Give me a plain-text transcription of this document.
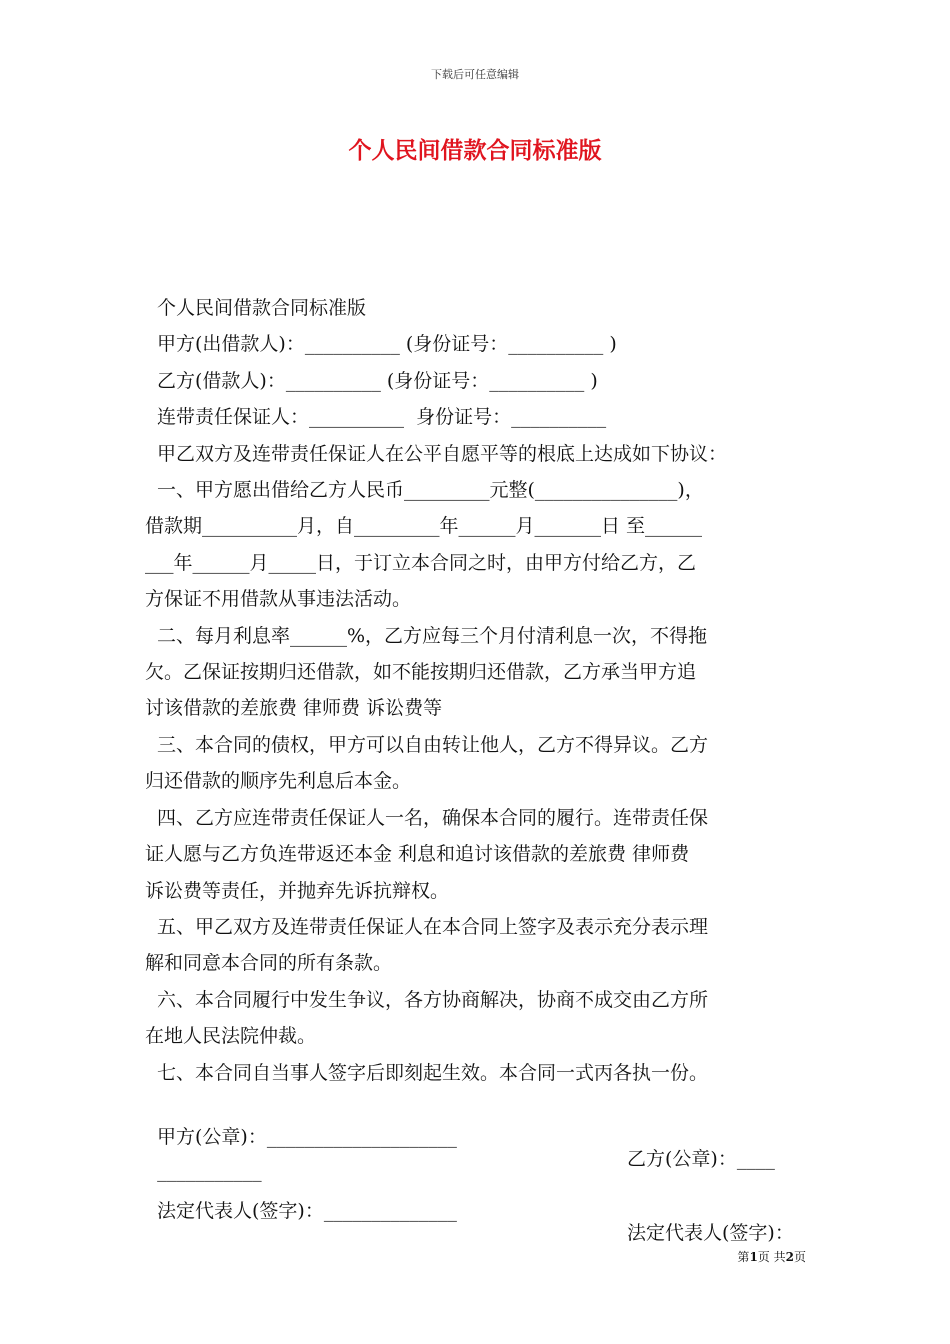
下载后可任意编辑
个人民间借款合同标准版

个人民间借款合同标准版

甲方(出借款人)：__________ (身份证号：__________ )

乙方(借款人)：__________ (身份证号：__________ )

连带责任保证人：__________  身份证号：__________

甲乙双方及连带责任保证人在公平自愿平等的根底上达成如下协议：

一、甲方愿出借给乙方人民币_________元整(_______________)，

借款期__________月，自_________年______月_______日 至______

___年______月_____日，于订立本合同之时，由甲方付给乙方，乙

方保证不用借款从事违法活动。

二、每月利息率______%，乙方应每三个月付清利息一次，不得拖

欠。乙保证按期归还借款，如不能按期归还借款，乙方承当甲方追

讨该借款的差旅费 律师费 诉讼费等

三、本合同的债权，甲方可以自由转让他人，乙方不得异议。乙方

归还借款的顺序先利息后本金。

四、乙方应连带责任保证人一名，确保本合同的履行。连带责任保

证人愿与乙方负连带返还本金 利息和追讨该借款的差旅费 律师费

诉讼费等责任，并抛弃先诉抗辩权。

五、甲乙双方及连带责任保证人在本合同上签字及表示充分表示理

解和同意本合同的所有条款。

六、本合同履行中发生争议，各方协商解决，协商不成交由乙方所

在地人民法院仲裁。

七、本合同自当事人签字后即刻起生效。本合同一式丙各执一份。

甲方(公章)：____________________

乙方(公章)：____

___________

法定代表人(签字)：______________

法定代表人(签字)：

第1页 共2页
